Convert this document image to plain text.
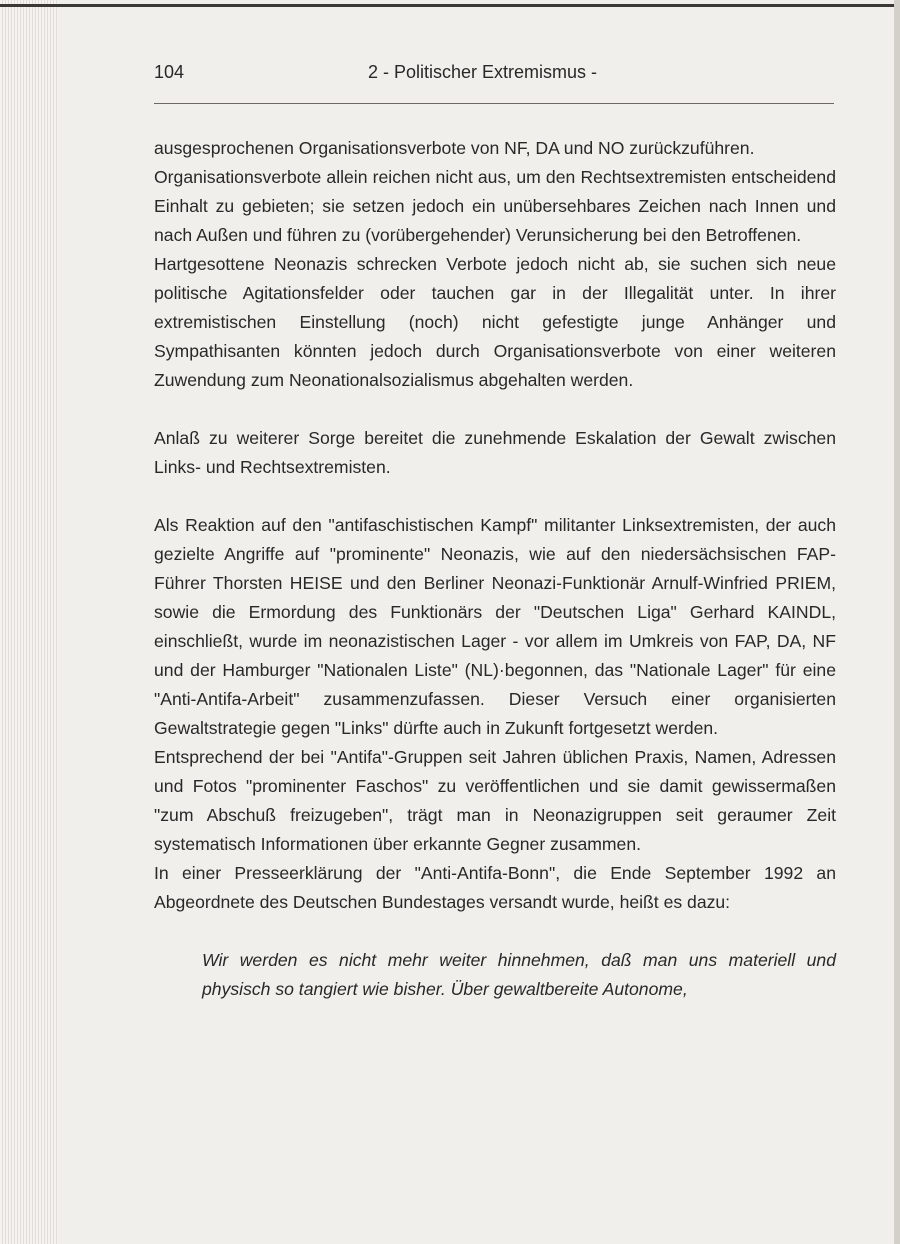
104	2 - Politischer Extremismus -

ausgesprochenen Organisationsverbote von NF, DA und NO zurückzuführen.

Organisationsverbote allein reichen nicht aus, um den Rechtsextremisten entscheidend Einhalt zu gebieten; sie setzen jedoch ein unübersehbares Zeichen nach Innen und nach Außen und führen zu (vorübergehender) Verunsicherung bei den Betroffenen.

Hartgesottene Neonazis schrecken Verbote jedoch nicht ab, sie suchen sich neue politische Agitationsfelder oder tauchen gar in der Illegalität unter. In ihrer extremistischen Einstellung (noch) nicht gefestigte junge Anhänger und Sympathisanten könnten jedoch durch Organisationsverbote von einer weiteren Zuwendung zum Neonationalsozialismus abgehalten werden.

Anlaß zu weiterer Sorge bereitet die zunehmende Eskalation der Gewalt zwischen Links- und Rechtsextremisten.

Als Reaktion auf den "antifaschistischen Kampf" militanter Linksextremisten, der auch gezielte Angriffe auf "prominente" Neonazis, wie auf den niedersächsischen FAP-Führer Thorsten HEISE und den Berliner Neonazi-Funktionär Arnulf-Winfried PRIEM, sowie die Ermordung des Funktionärs der "Deutschen Liga" Gerhard KAINDL, einschließt, wurde im neonazistischen Lager - vor allem im Umkreis von FAP, DA, NF und der Hamburger "Nationalen Liste" (NL)·begonnen, das "Nationale Lager" für eine "Anti-Antifa-Arbeit" zusammenzufassen. Dieser Versuch einer organisierten Gewaltstrategie gegen "Links" dürfte auch in Zukunft fortgesetzt werden.

Entsprechend der bei "Antifa"-Gruppen seit Jahren üblichen Praxis, Namen, Adressen und Fotos "prominenter Faschos" zu veröffentlichen und sie damit gewissermaßen "zum Abschuß freizugeben", trägt man in Neonazigruppen seit geraumer Zeit systematisch Informationen über erkannte Gegner zusammen.

In einer Presseerklärung der "Anti-Antifa-Bonn", die Ende September 1992 an Abgeordnete des Deutschen Bundestages versandt wurde, heißt es dazu:

Wir werden es nicht mehr weiter hinnehmen, daß man uns materiell und physisch so tangiert wie bisher. Über gewaltbereite Autonome,
